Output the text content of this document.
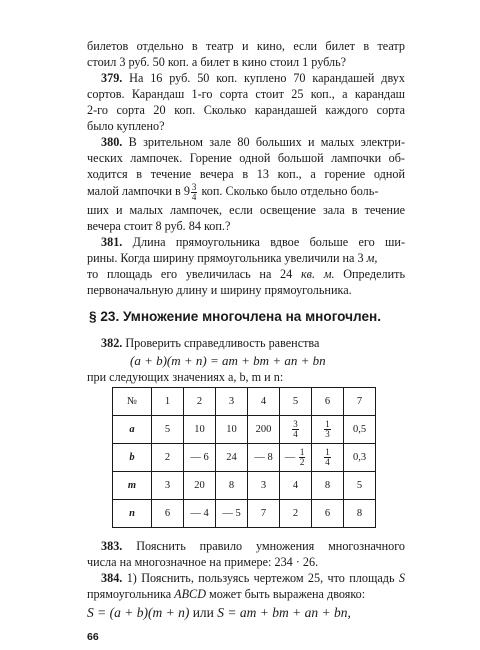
билетов отдельно в театр и кино, если билет в театр

стоил 3 руб. 50 коп. а билет в кино стоил 1 рубль?

379. На 16 руб. 50 коп. куплено 70 карандашей двух

сортов. Карандаш 1-го сорта стоит 25 коп., а карандаш

2-го сорта 20 коп. Сколько карандашей каждого сорта

было куплено?

380. В зрительном зале 80 больших и малых электри-

ческих лампочек. Горение одной большой лампочки об-

ходится в течение вечера в 13 коп., а горение одной

малой лампочки в $9 \frac{3}{4}$ коп. Сколько было отдельно боль-

ших и малых лампочек, если освещение зала в течение

вечера стоит 8 руб. 84 коп.?

381. Длина прямоугольника вдвое больше его ши-

рины. Когда ширину прямоугольника увеличили на 3 м,

§ 23. Умножение многочлена на многочлен.

382. Проверить справедливость равенства

(a + b)(m + n) = am + bm + an + bn

при следующих значениях a, b, m и n:

№	1	2	3	4	5	6	7
a	5	10	10	200	$\frac{3}{4}$	$\frac{1}{3}$	0,5
b	2	— 6	24	— 8	— $\frac{1}{2}$	$\frac{1}{4}$	0,3
m	3	20	8	3	4	8	5
n	6	— 4	— 5	7	2	6	8

383. Пояснить правило умножения многозначного

числа на многозначное на примере: 234 · 26.

384. 1) Пояснить, пользуясь чертежом 25, что площадь S

прямоугольника ABCD может быть выражена двояко:

S = (a + b)(m + n) или S = am + bm + an + bn,
66

то площадь его увеличилась на 24 кв. м. Определить

первоначальную длину и ширину прямоугольника.
